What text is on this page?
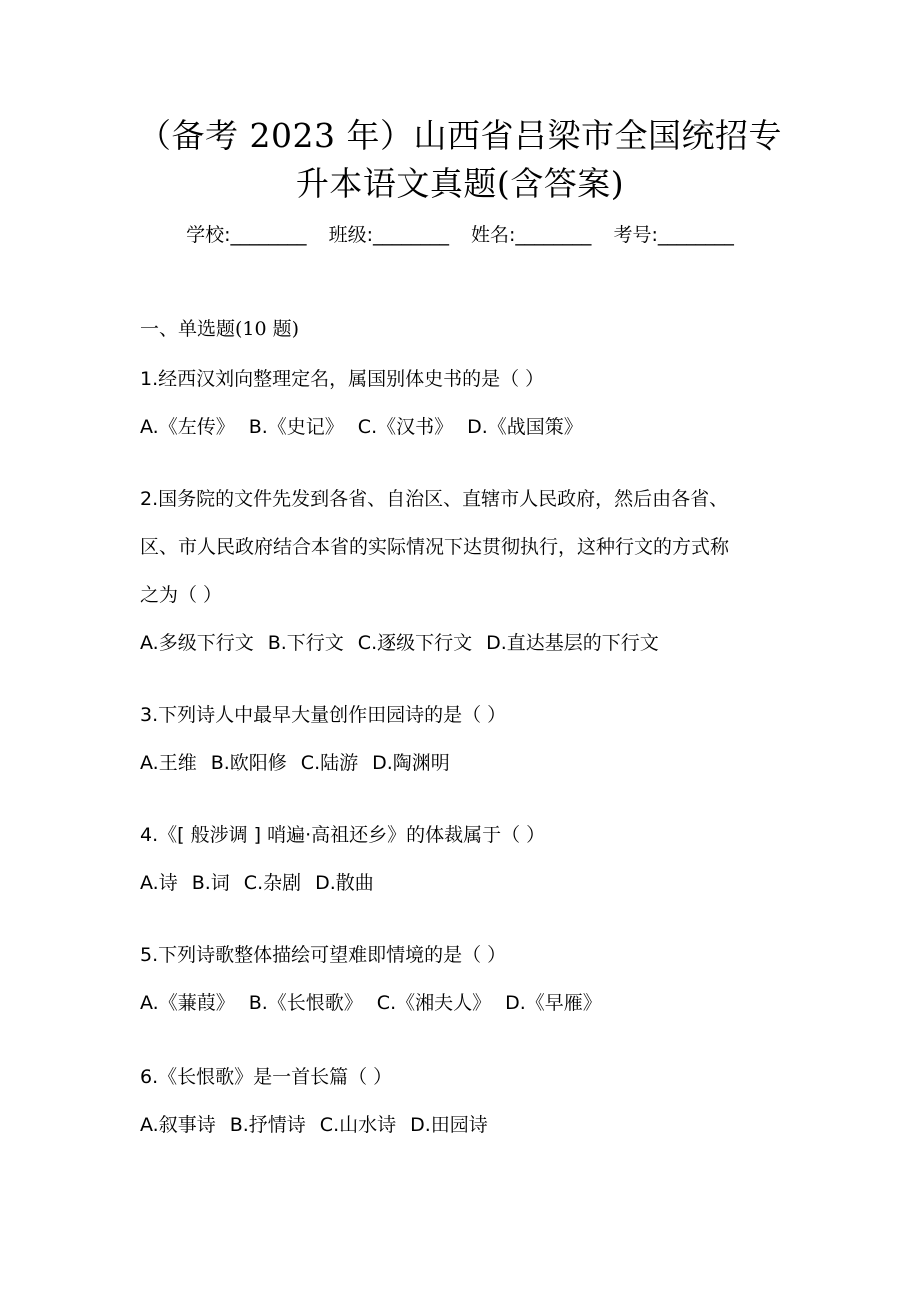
（备考 2023 年）山西省吕梁市全国统招专
升本语文真题(含答案)
学校:________ 班级:________ 姓名:________ 考号:________
一、单选题(10 题)
1.经西汉刘向整理定名，属国别体史书的是（ ）
A.《左传》 B.《史记》 C.《汉书》 D.《战国策》
2.国务院的文件先发到各省、自治区、直辖市人民政府，然后由各省、
区、市人民政府结合本省的实际情况下达贯彻执行，这种行文的方式称
之为（ ）
A.多级下行文 B.下行文 C.逐级下行文 D.直达基层的下行文
3.下列诗人中最早大量创作田园诗的是（ ）
A.王维 B.欧阳修 C.陆游 D.陶渊明
4.《[ 般涉调 ] 哨遍·高祖还乡》的体裁属于（ ）
A.诗 B.词 C.杂剧 D.散曲
5.下列诗歌整体描绘可望难即情境的是（ ）
A.《蒹葭》 B.《长恨歌》 C.《湘夫人》 D.《早雁》
6.《长恨歌》是一首长篇（ ）
A.叙事诗 B.抒情诗 C.山水诗 D.田园诗
